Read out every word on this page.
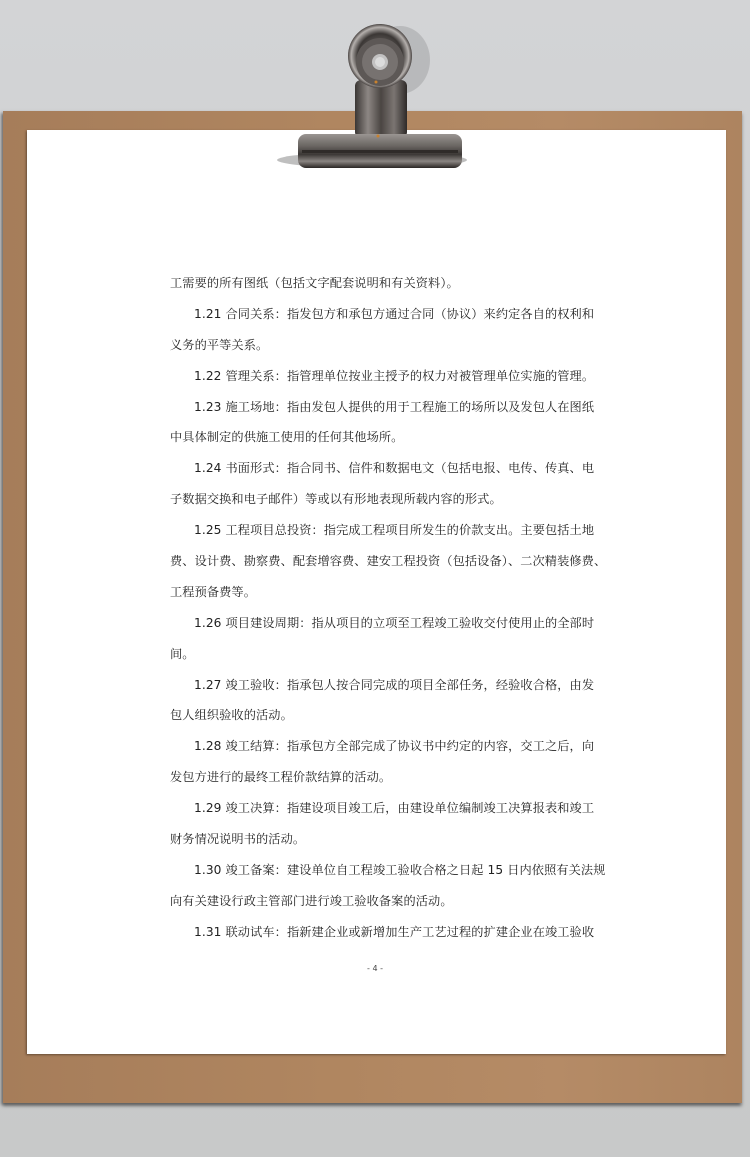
工需要的所有图纸（包括文字配套说明和有关资料）。
1.21 合同关系：指发包方和承包方通过合同（协议）来约定各自的权利和
义务的平等关系。
1.22 管理关系：指管理单位按业主授予的权力对被管理单位实施的管理。
1.23 施工场地：指由发包人提供的用于工程施工的场所以及发包人在图纸
中具体制定的供施工使用的任何其他场所。
1.24 书面形式：指合同书、信件和数据电文（包括电报、电传、传真、电
子数据交换和电子邮件）等或以有形地表现所载内容的形式。
1.25 工程项目总投资：指完成工程项目所发生的价款支出。主要包括土地
费、设计费、勘察费、配套增容费、建安工程投资（包括设备）、二次精装修费、
工程预备费等。
1.26 项目建设周期：指从项目的立项至工程竣工验收交付使用止的全部时
间。
1.27 竣工验收：指承包人按合同完成的项目全部任务，经验收合格，由发
包人组织验收的活动。
1.28 竣工结算：指承包方全部完成了协议书中约定的内容，交工之后，向
发包方进行的最终工程价款结算的活动。
1.29 竣工决算：指建设项目竣工后，由建设单位编制竣工决算报表和竣工
财务情况说明书的活动。
1.30 竣工备案：建设单位自工程竣工验收合格之日起 15 日内依照有关法规
向有关建设行政主管部门进行竣工验收备案的活动。
1.31 联动试车：指新建企业或新增加生产工艺过程的扩建企业在竣工验收
- 4 -
